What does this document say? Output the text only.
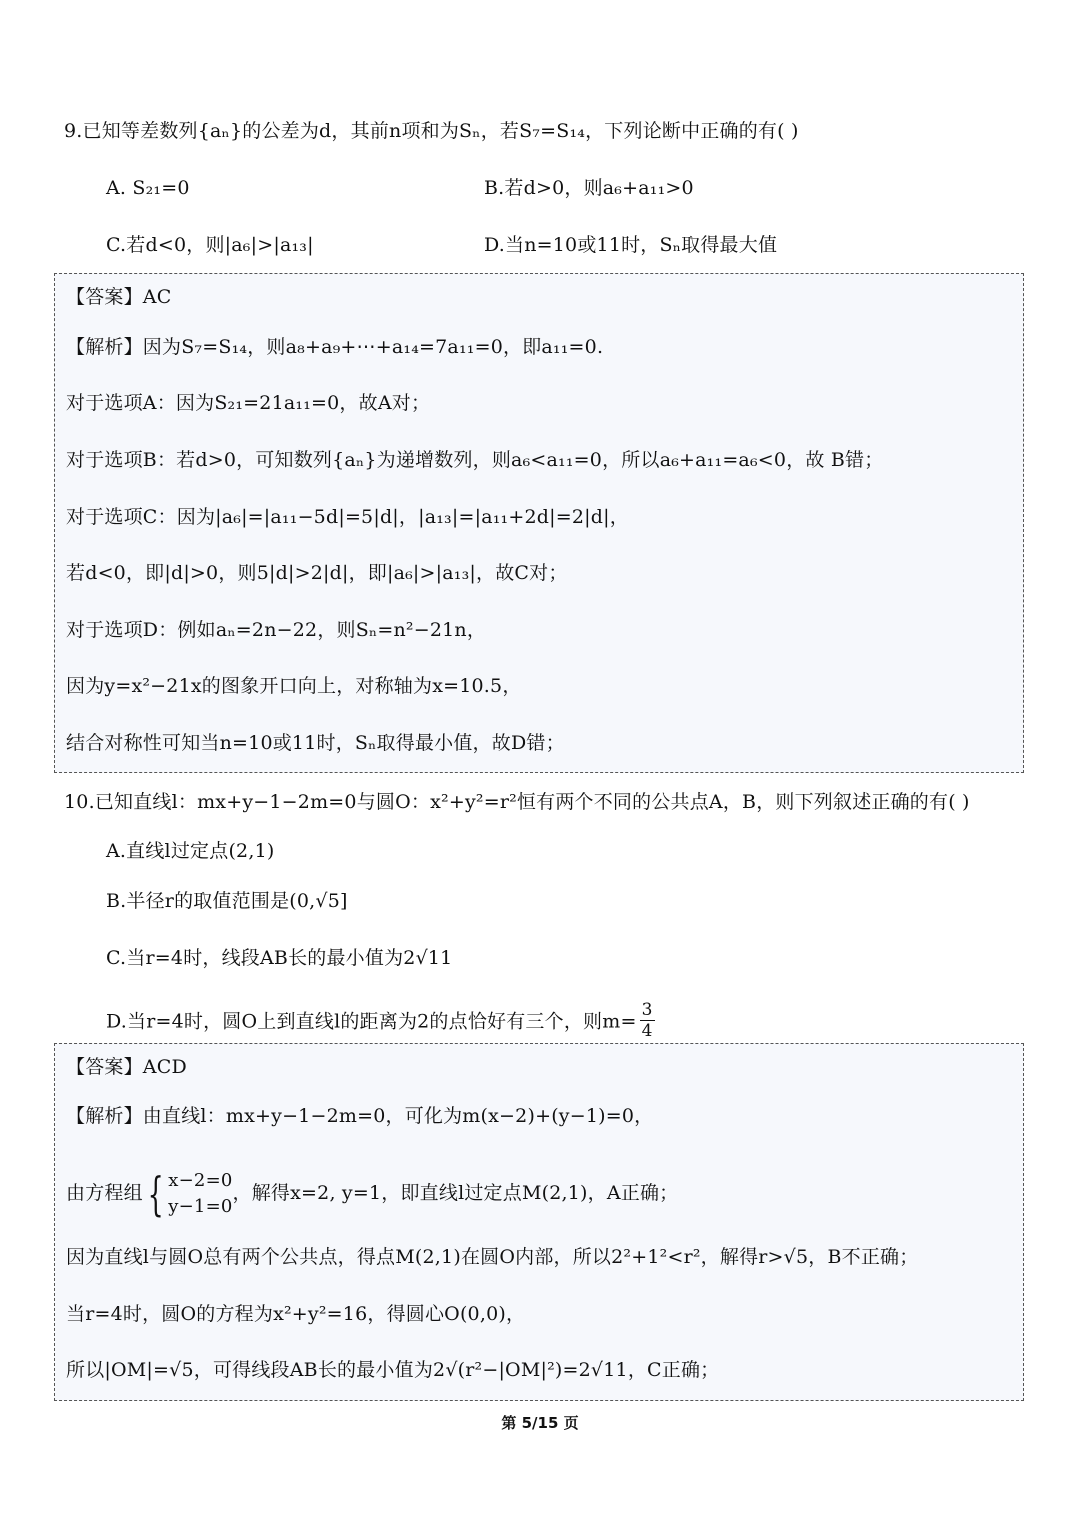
9.已知等差数列{aₙ}的公差为d，其前n项和为Sₙ，若S₇=S₁₄，下列论断中正确的有( )
A. S₂₁=0	B.若d>0，则a₆+a₁₁>0
C.若d<0，则|a₆|>|a₁₃|	D.当n=10或11时，Sₙ取得最大值
【答案】AC
【解析】因为S₇=S₁₄，则a₈+a₉+⋯+a₁₄=7a₁₁=0，即a₁₁=0.
对于选项A：因为S₂₁=21a₁₁=0，故A对；
对于选项B：若d>0，可知数列{aₙ}为递增数列，则a₆<a₁₁=0，所以a₆+a₁₁=a₆<0，故 B错；
对于选项C：因为|a₆|=|a₁₁−5d|=5|d|，|a₁₃|=|a₁₁+2d|=2|d|，
若d<0，即|d|>0，则5|d|>2|d|，即|a₆|>|a₁₃|，故C对；
对于选项D：例如aₙ=2n−22，则Sₙ=n²−21n，
因为y=x²−21x的图象开口向上，对称轴为x=10.5，
结合对称性可知当n=10或11时，Sₙ取得最小值，故D错；
10.已知直线l：mx+y−1−2m=0与圆O：x²+y²=r²恒有两个不同的公共点A，B，则下列叙述正确的有( )
A.直线l过定点(2,1)
B.半径r的取值范围是(0,√5]
C.当r=4时，线段AB长的最小值为2√11
D.当r=4时，圆O上到直线l的距离为2的点恰好有三个，则$m= \frac{3}{4}$
【答案】ACD
【解析】由直线l：mx+y−1−2m=0，可化为m(x−2)+(y−1)=0，
由方程组 { x−2=0
y−1=0
，解得x=2, y=1，即直线l过定点M(2,1)，A正确；
因为直线l与圆O总有两个公共点，得点M(2,1)在圆O内部，所以2²+1²<r²，解得r>√5，B不正确；
当r=4时，圆O的方程为x²+y²=16，得圆心O(0,0)，
所以|OM|=√5，可得线段AB长的最小值为2√(r²−|OM|²)=2√11，C正确；
第 5/15 页
